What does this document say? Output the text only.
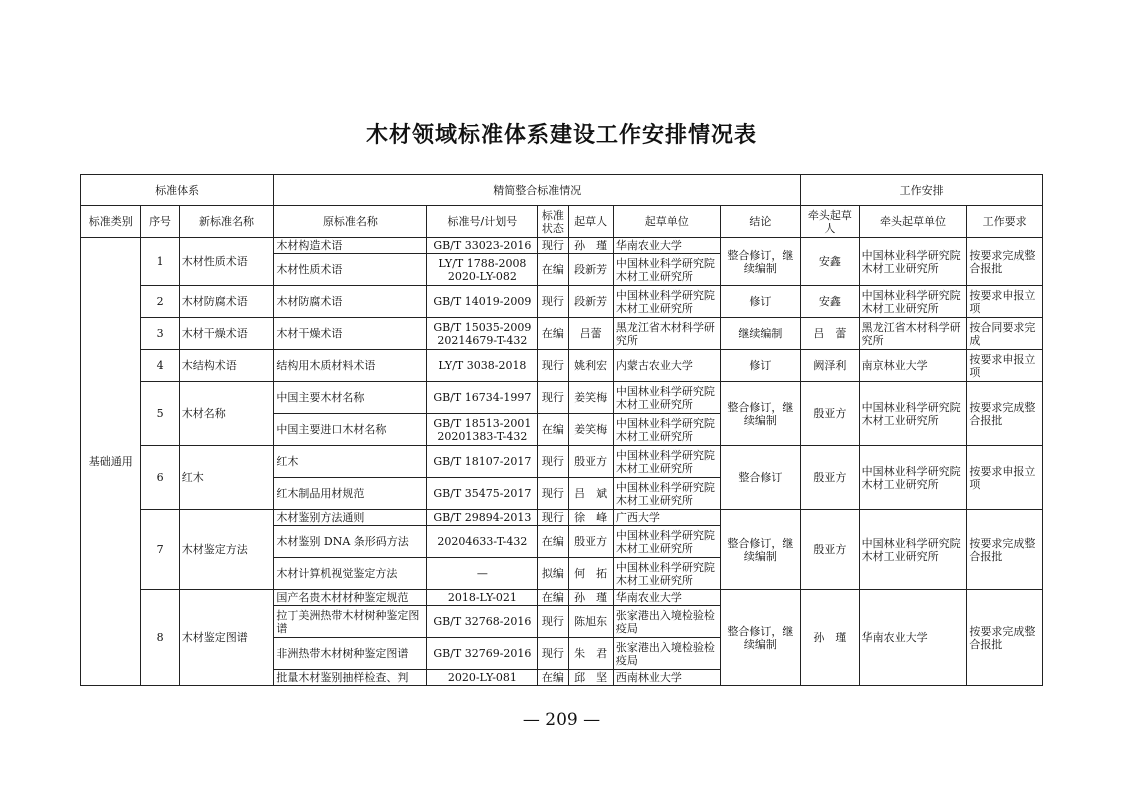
木材领域标准体系建设工作安排情况表
标准体系			精简整合标准情况						工作安排		
标准类别	序号	新标准名称	原标准名称	标准号/计划号	标准状态	起草人	起草单位	结论	牵头起草人	牵头起草单位	工作要求
基础通用	1	木材性质术语	木材构造术语	GB/T 33023-2016	现行	孙　瑾	华南农业大学	整合修订，继续编制	安鑫	中国林业科学研究院木材工业研究所	按要求完成整合报批
			木材性质术语	LY/T 1788-2008 2020-LY-082	在编	段新芳	中国林业科学研究院木材工业研究所				
	2	木材防腐术语	木材防腐术语	GB/T 14019-2009	现行	段新芳	中国林业科学研究院木材工业研究所	修订	安鑫	中国林业科学研究院木材工业研究所	按要求申报立项
	3	木材干燥术语	木材干燥术语	GB/T 15035-2009 20214679-T-432	在编	吕蕾	黑龙江省木材科学研究所	继续编制	吕　蕾	黑龙江省木材科学研究所	按合同要求完成
	4	木结构术语	结构用木质材料术语	LY/T 3038-2018	现行	姚利宏	内蒙古农业大学	修订	阙泽利	南京林业大学	按要求申报立项
	5	木材名称	中国主要木材名称	GB/T 16734-1997	现行	姜笑梅	中国林业科学研究院木材工业研究所	整合修订，继续编制	殷亚方	中国林业科学研究院木材工业研究所	按要求完成整合报批
			中国主要进口木材名称	GB/T 18513-2001 20201383-T-432	在编	姜笑梅	中国林业科学研究院木材工业研究所				
	6	红木	红木	GB/T 18107-2017	现行	殷亚方	中国林业科学研究院木材工业研究所	整合修订	殷亚方	中国林业科学研究院木材工业研究所	按要求申报立项
			红木制品用材规范	GB/T 35475-2017	现行	吕　斌	中国林业科学研究院木材工业研究所				
	7	木材鉴定方法	木材鉴别方法通则	GB/T 29894-2013	现行	徐　峰	广西大学	整合修订，继续编制	殷亚方	中国林业科学研究院木材工业研究所	按要求完成整合报批
			木材鉴别 DNA 条形码方法	20204633-T-432	在编	殷亚方	中国林业科学研究院木材工业研究所				
			木材计算机视觉鉴定方法	—	拟编	何　拓	中国林业科学研究院木材工业研究所				
	8	木材鉴定图谱	国产名贵木材材种鉴定规范	2018-LY-021	在编	孙　瑾	华南农业大学	整合修订，继续编制	孙　瑾	华南农业大学	按要求完成整合报批
			拉丁美洲热带木材树种鉴定图谱	GB/T 32768-2016	现行	陈旭东	张家港出入境检验检疫局				
			非洲热带木材树种鉴定图谱	GB/T 32769-2016	现行	朱　君	张家港出入境检验检疫局				
			批量木材鉴别抽样检查、判	2020-LY-081	在编	邱　坚	西南林业大学				
— 209 —
